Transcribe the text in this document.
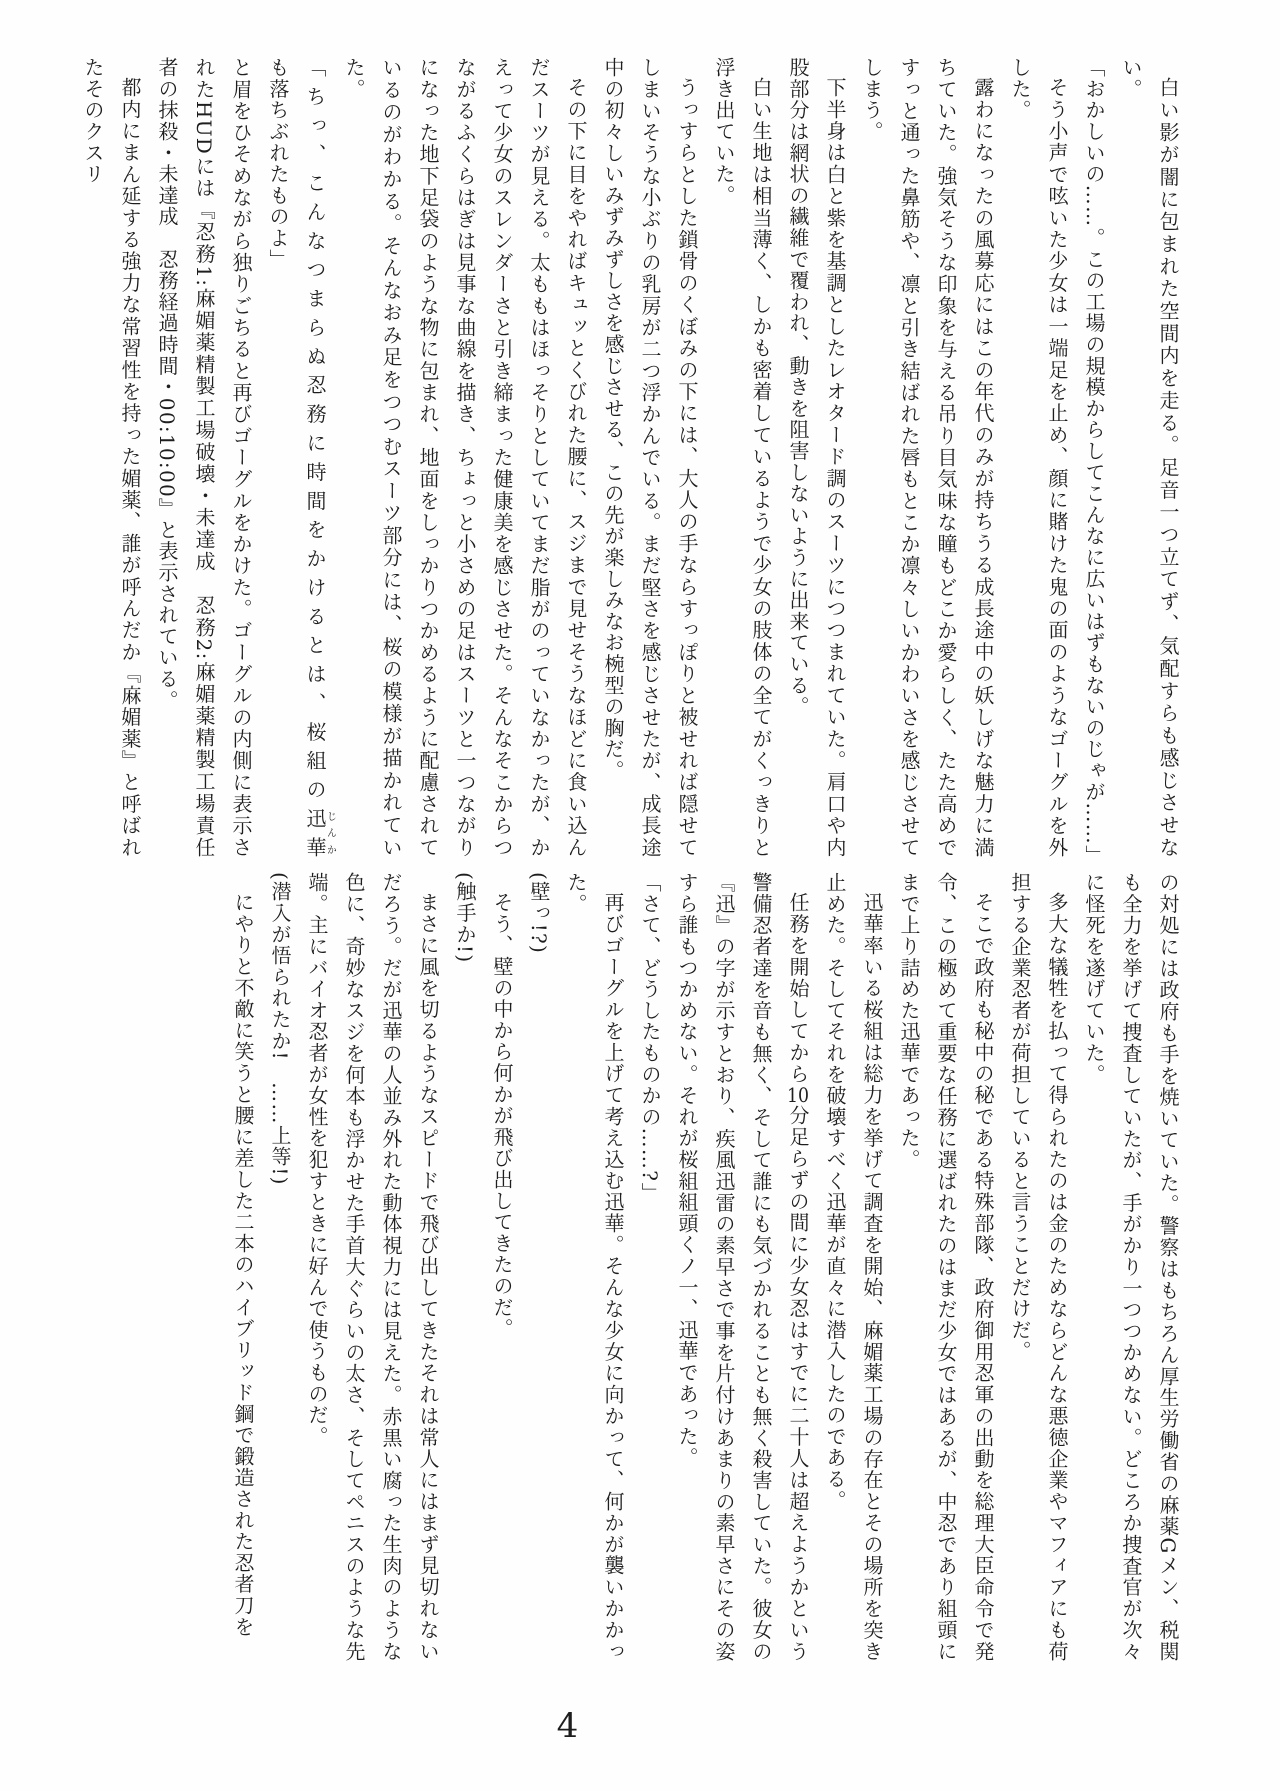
白い影が闇に包まれた空間内を走る。足音一つ立てず、気配すらも感じさせない。

「おかしいの……。この工場の規模からしてこんなに広いはずもないのじゃが……」

そう小声で呟いた少女は一端足を止め、顔に賭けた鬼の面のようなゴーグルを外した。

露わになったの風募応にはこの年代のみが持ちうる成長途中の妖しげな魅力に満ちていた。強気そうな印象を与える吊り目気味な瞳もどこか愛らしく、たた高めですっと通った鼻筋や、凛と引き結ばれた唇もとこか凛々しいかわいさを感じさせてしまう。

下半身は白と紫を基調としたレオタード調のスーツにつつまれていた。肩口や内股部分は網状の繊維で覆われ、動きを阻害しないように出来ている。

白い生地は相当薄く、しかも密着しているようで少女の肢体の全てがくっきりと浮き出ていた。

うっすらとした鎖骨のくぼみの下には、大人の手ならすっぽりと被せれば隠せてしまいそうな小ぶりの乳房が二つ浮かんでいる。まだ堅さを感じさせたが、成長途中の初々しいみずみずしさを感じさせる、この先が楽しみなお椀型の胸だ。

その下に目をやればキュッとくびれた腰に、スジまで見せそうなほどに食い込んだスーツが見える。太ももはほっそりとしていてまだ脂がのっていなかったが、かえって少女のスレンダーさと引き締まった健康美を感じさせた。そんなそこからつながるふくらはぎは見事な曲線を描き、ちょっと小さめの足はスーツと一つながりになった地下足袋のような物に包まれ、地面をしっかりつかめるように配慮されているのがわかる。そんなおみ足をつつむスーツ部分には、桜の模様が描かれていた。

「ちっ、こんなつまらぬ忍務に時間をかけるとは、桜組の迅華じんかも落ちぶれたものよ」

と眉をひそめながら独りごちると再びゴーグルをかけた。ゴーグルの内側に表示されたHUDには『忍務1:麻媚薬精製工場破壊・未達成　忍務2:麻媚薬精製工場責任者の抹殺・未達成　忍務経過時間・00:10:00』と表示されている。

都内にまん延する強力な常習性を持った媚薬、誰が呼んだか『麻媚薬』と呼ばれたそのクスリ

の対処には政府も手を焼いていた。警察はもちろん厚生労働省の麻薬Gメン、税関も全力を挙げて捜査していたが、手がかり一つつかめない。どころか捜査官が次々に怪死を遂げていた。

多大な犠牲を払って得られたのは金のためならどんな悪徳企業やマフィアにも荷担する企業忍者が荷担していると言うことだけだ。

そこで政府も秘中の秘である特殊部隊、政府御用忍軍の出動を総理大臣命令で発令、この極めて重要な任務に選ばれたのはまだ少女ではあるが、中忍であり組頭にまで上り詰めた迅華であった。

迅華率いる桜組は総力を挙げて調査を開始、麻媚薬工場の存在とその場所を突き止めた。そしてそれを破壊すべく迅華が直々に潜入したのである。

任務を開始してから10分足らずの間に少女忍はすでに二十人は超えようかという警備忍者達を音も無く、そして誰にも気づかれることも無く殺害していた。彼女の『迅』の字が示すとおり、疾風迅雷の素早さで事を片付けあまりの素早さにその姿すら誰もつかめない。それが桜組組頭くノ一、迅華であった。

「さて、どうしたものかの……?」

再びゴーグルを上げて考え込む迅華。そんな少女に向かって、何かが襲いかかった。

(壁っ!?)

そう、壁の中から何かが飛び出してきたのだ。

(触手か!)

まさに風を切るようなスピードで飛び出してきたそれは常人にはまず見切れないだろう。だが迅華の人並み外れた動体視力には見えた。赤黒い腐った生肉のような色に、奇妙なスジを何本も浮かせた手首大ぐらいの太さ、そしてペニスのような先端。主にバイオ忍者が女性を犯すときに好んで使うものだ。

(潜入が悟られたか!　……上等!)

にやりと不敵に笑うと腰に差した二本のハイブリッド鋼で鍛造された忍者刀を

4
